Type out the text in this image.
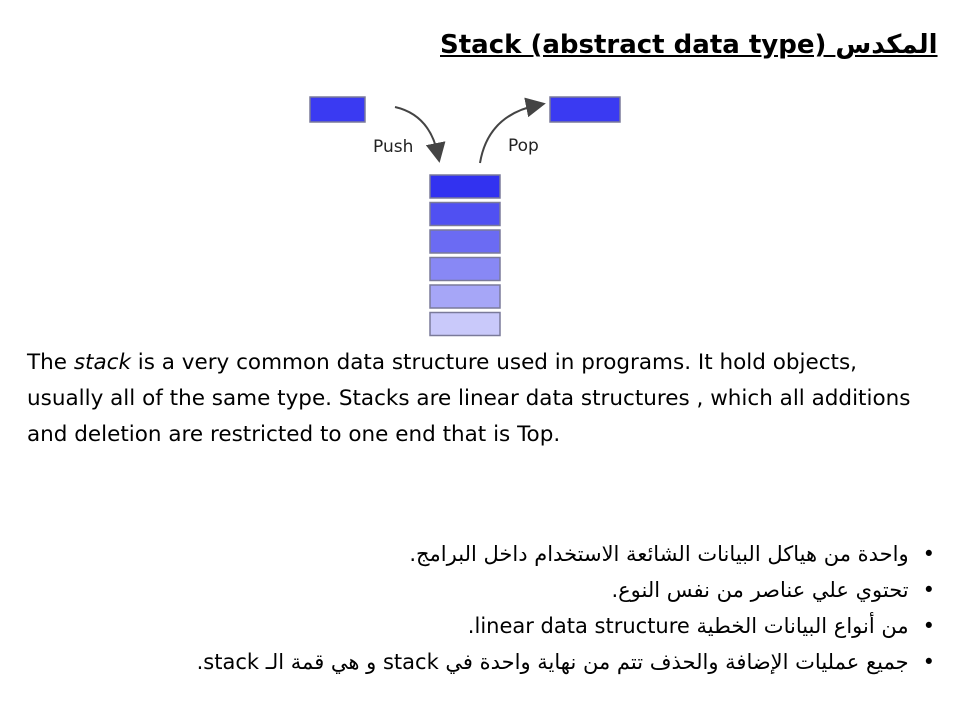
Stack (abstract data type) المكدس
Push	Pop
The stack is a very common data structure used in programs. It hold objects, usually all of the same type. Stacks are linear data structures , which all additions and deletion are restricted to one end that is Top.
•واحدة من هياكل البيانات الشائعة الاستخدام داخل البرامج.
•تحتوي علي عناصر من نفس النوع.
•من أنواع البيانات الخطية linear data structure.
•جميع عمليات الإضافة والحذف تتم من نهاية واحدة في stack و هي قمة الـ stack.
